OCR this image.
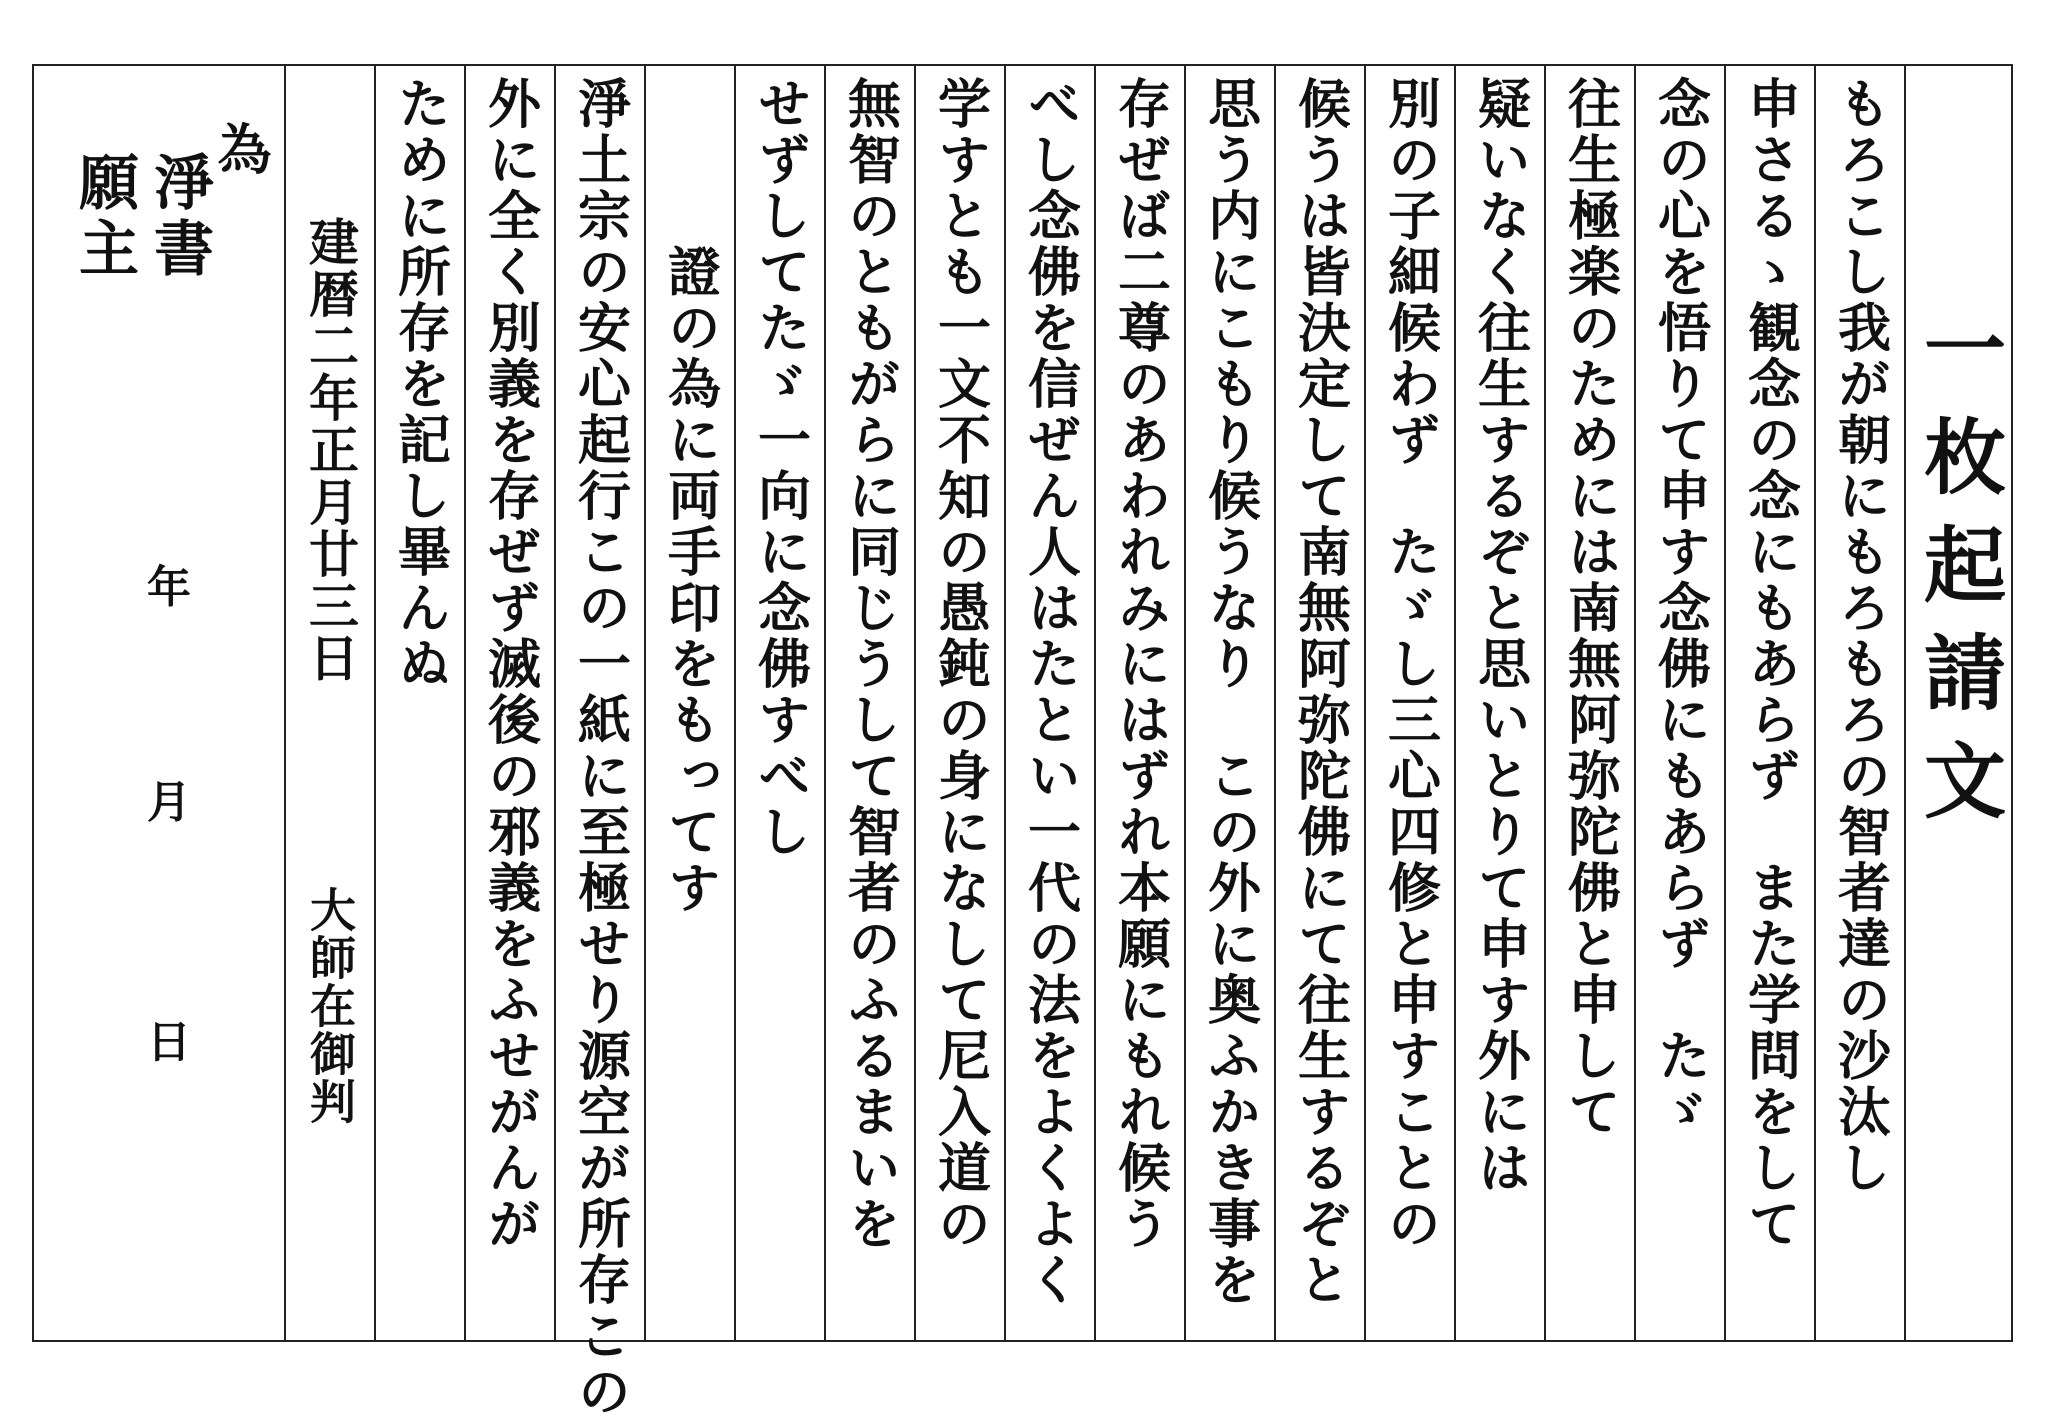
為
淨書
願主
年
月
日
建暦二年正月廿三日
大師在御判
ために所存を記し畢んぬ 外に全く別義を存ぜず滅後の邪義をふせがんが 淨土宗の安心起行この一紙に至極せり源空が所存この 　　　證の為に両手印をもってす せずしてたゞ一向に念佛すべし 無智のともがらに同じうして智者のふるまいを 学すとも一文不知の愚鈍の身になして尼入道の べし念佛を信ぜん人はたとい一代の法をよくよく 存ぜば二尊のあわれみにはずれ本願にもれ候う 思う内にこもり候うなり　この外に奥ふかき事を 候うは皆決定して南無阿弥陀佛にて往生するぞと 別の子細候わず　たゞし三心四修と申すことの 疑いなく往生するぞと思いとりて申す外には 往生極楽のためには南無阿弥陀佛と申して 念の心を悟りて申す念佛にもあらず　たゞ 申さるゝ観念の念にもあらず　また学問をして もろこし我が朝にもろもろの智者達の沙汰し 一枚起請文
